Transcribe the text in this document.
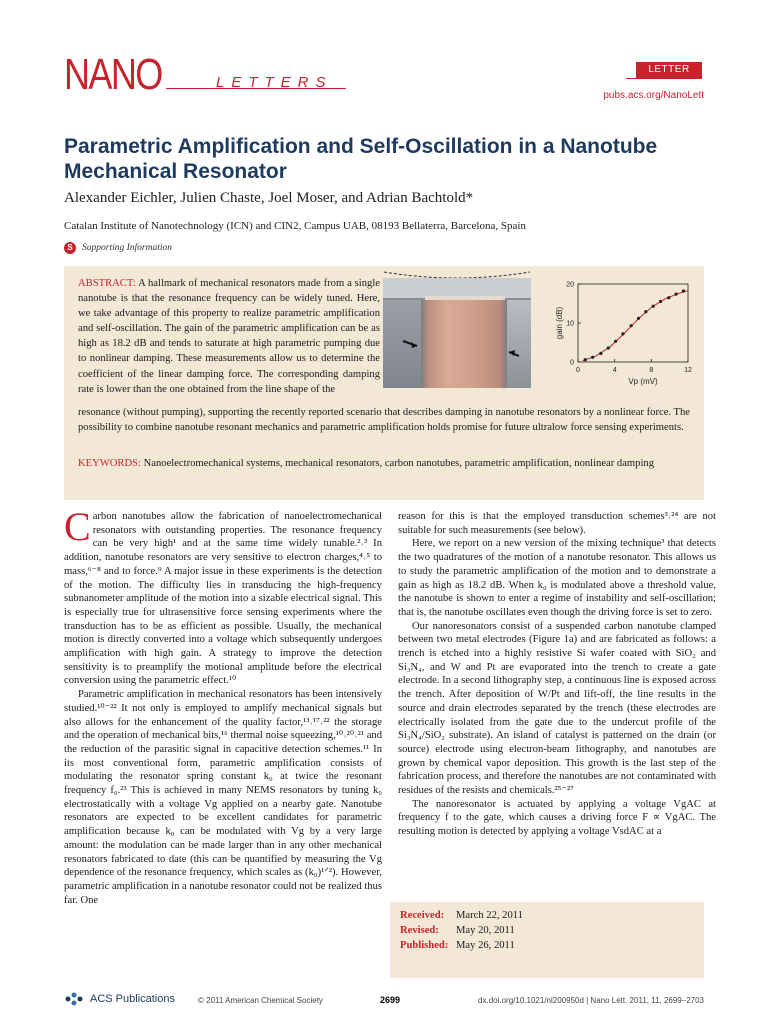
NANO	LETTERS
LETTER
pubs.acs.org/NanoLett
Parametric Amplification and Self-Oscillation in a Nanotube Mechanical Resonator
Alexander Eichler, Julien Chaste, Joel Moser, and Adrian Bachtold*
Catalan Institute of Nanotechnology (ICN) and CIN2, Campus UAB, 08193 Bellaterra, Barcelona, Spain
S Supporting Information
ABSTRACT: A hallmark of mechanical resonators made from a single nanotube is that the resonance frequency can be widely tuned. Here, we take advantage of this property to realize parametric amplification and self-oscillation. The gain of the parametric amplification can be as high as 18.2 dB and tends to saturate at high parametric pumping due to nonlinear damping. These measurements allow us to determine the coefficient of the linear damping force. The corresponding damping rate is lower than the one obtained from the line shape of the
resonance (without pumping), supporting the recently reported scenario that describes damping in nanotube resonators by a nonlinear force. The possibility to combine nanotube resonant mechanics and parametric amplification holds promise for future ultralow force sensing experiments.
KEYWORDS: Nanoelectromechanical systems, mechanical resonators, carbon nanotubes, parametric amplification, nonlinear damping
0	4	8	12
0
10
20
Vp (mV)
gain (dB)

Carbon nanotubes allow the fabrication of nanoelectromechanical resonators with outstanding properties. The resonance frequency can be very high¹ and at the same time widely tunable.²˒³ In addition, nanotube resonators are very sensitive to electron charges,⁴˒⁵ to mass,⁶⁻⁸ and to force.⁹ A major issue in these experiments is the detection of the motion. The difficulty lies in transducing the high-frequency subnanometer amplitude of the motion into a sizable electrical signal. This is especially true for ultrasensitive force sensing experiments where the transduction has to be as efficient as possible. Usually, the mechanical motion is directly converted into a voltage which subsequently undergoes amplification with high gain. A strategy to improve the detection sensitivity is to preamplify the motional amplitude before the electrical conversion using the parametric effect.¹⁰

Parametric amplification in mechanical resonators has been intensively studied.¹⁰⁻²² It not only is employed to amplify mechanical signals but also allows for the enhancement of the quality factor,¹³˒¹⁷˒²² the storage and the operation of mechanical bits,¹⁶ thermal noise squeezing,¹⁰˒²⁰˒²¹ and the reduction of the parasitic signal in capacitive detection schemes.¹¹ In its most conventional form, parametric amplification consists of modulating the resonator spring constant k₀ at twice the resonant frequency f₀.²³ This is achieved in many NEMS resonators by tuning k₀ electrostatically with a voltage Vg applied on a nearby gate. Nanotube resonators are expected to be excellent candidates for parametric amplification because k₀ can be modulated with Vg by a very large amount: the modulation can be made larger than in any other mechanical resonators fabricated to date (this can be quantified by measuring the Vg dependence of the resonance frequency, which scales as (k₀)¹ᐟ²). However, parametric amplification in a nanotube resonator could not be realized thus far. One

reason for this is that the employed transduction schemes³˒²⁴ are not suitable for such measurements (see below).

Here, we report on a new version of the mixing technique³ that detects the two quadratures of the motion of a nanotube resonator. This allows us to study the parametric amplification of the motion and to demonstrate a gain as high as 18.2 dB. When k₀ is modulated above a threshold value, the nanotube is shown to enter a regime of instability and self-oscillation; that is, the nanotube oscillates even though the driving force is set to zero.

Our nanoresonators consist of a suspended carbon nanotube clamped between two metal electrodes (Figure 1a) and are fabricated as follows: a trench is etched into a highly resistive Si wafer coated with SiO₂ and Si₃N₄, and W and Pt are evaporated into the trench to create a gate electrode. In a second lithography step, a continuous line is exposed across the trench. After deposition of W/Pt and lift-off, the line results in the source and drain electrodes separated by the trench (these electrodes are electrically isolated from the gate due to the undercut profile of the Si₃N₄/SiO₂ substrate). An island of catalyst is patterned on the drain (or source) electrode using electron-beam lithography, and nanotubes are grown by chemical vapor deposition. This growth is the last step of the fabrication process, and therefore the nanotubes are not contaminated with residues of the resists and chemicals.²⁵⁻²⁷

The nanoresonator is actuated by applying a voltage VgAC at frequency f to the gate, which causes a driving force F ∝ VgAC. The resulting motion is detected by applying a voltage VsdAC at a

Received:	March 22, 2011
Revised:	May 20, 2011
Published: May 26, 2011
ACS Publications	© 2011 American Chemical Society	2699	dx.doi.org/10.1021/nl200950d | Nano Lett. 2011, 11, 2699–2703
